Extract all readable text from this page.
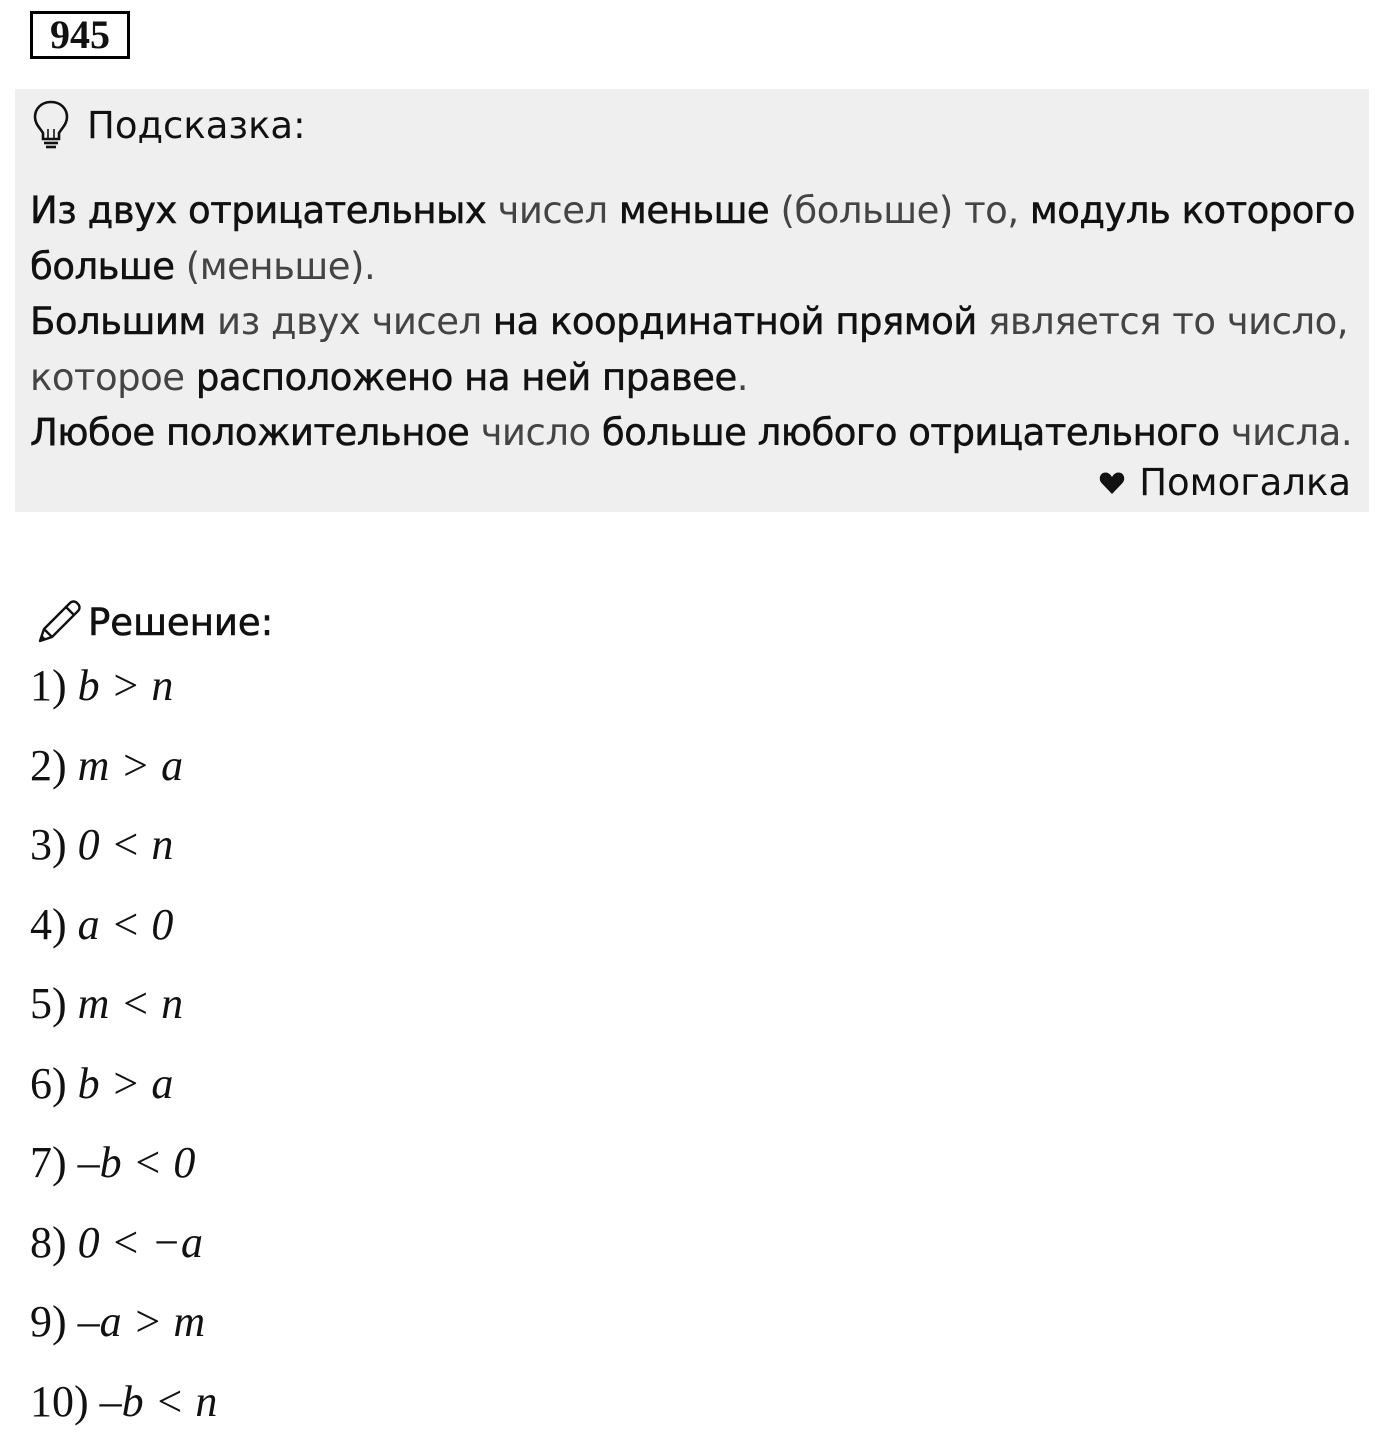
945
Подсказка:
Из двух отрицательных чисел меньше (больше) то, модуль которого
больше (меньше).
Большим из двух чисел на координатной прямой является то число,
которое расположено на ней правее.
Любое положительное число больше любого отрицательного числа.
Помогалка
Решение:
1) b > n
2) m > a
3) 0 < n
4) a < 0
5) m < n
6) b > a
7) –b < 0
8) 0 < −a
9) –a > m
10) –b < n
